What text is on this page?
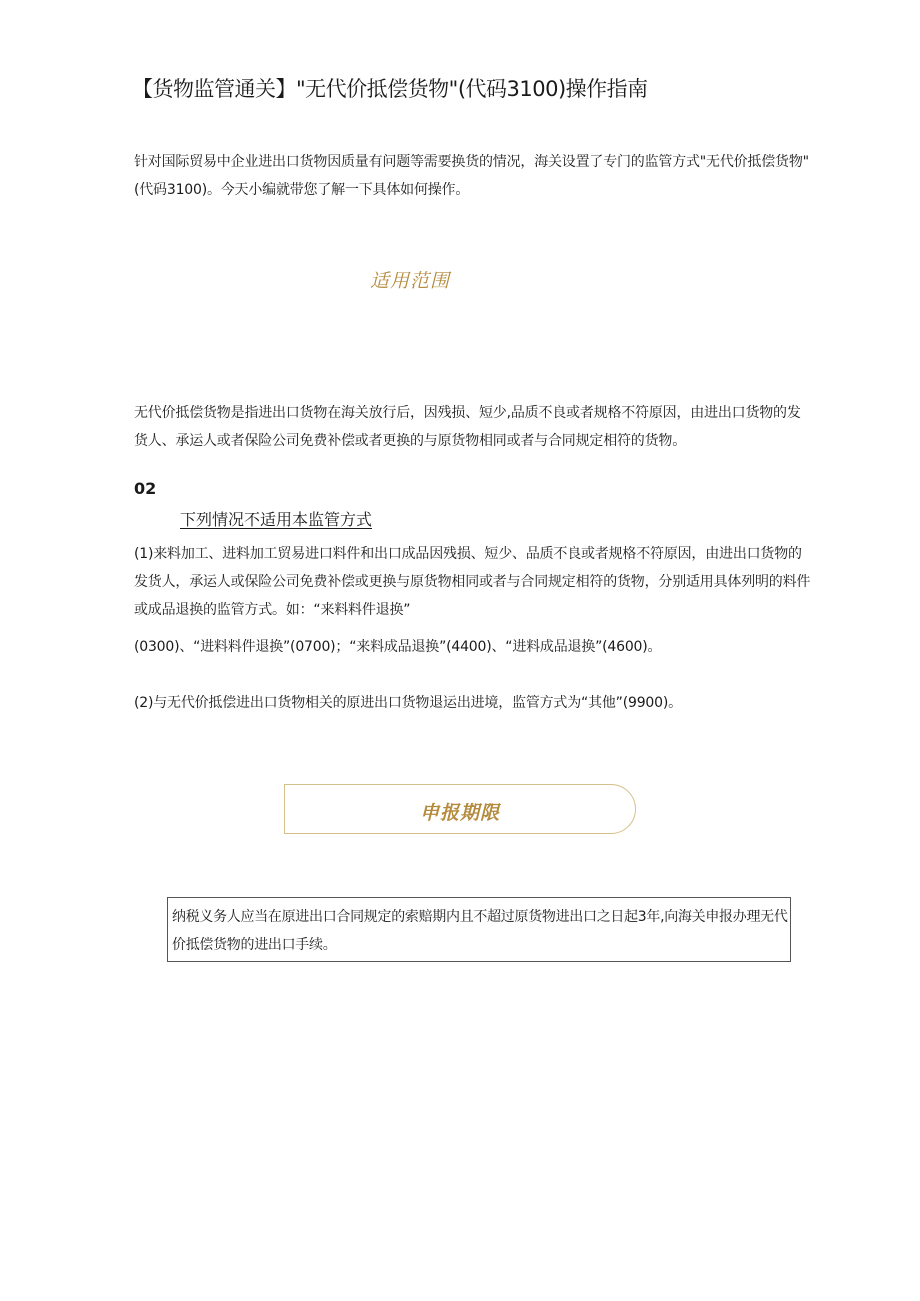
【货物监管通关】"无代价抵偿货物"(代码3100)操作指南
针对国际贸易中企业进出口货物因质量有问题等需要换货的情况，海关设置了专门的监管方式"无代价抵偿货物"(代码3100)。今天小编就带您了解一下具体如何操作。
适用范围
无代价抵偿货物是指进出口货物在海关放行后，因残损、短少,品质不良或者规格不符原因，由进出口货物的发货人、承运人或者保险公司免费补偿或者更换的与原货物相同或者与合同规定相符的货物。
02
下列情况不适用本监管方式
(1)来料加工、进料加工贸易进口料件和出口成品因残损、短少、品质不良或者规格不符原因，由进出口货物的发货人，承运人或保险公司免费补偿或更换与原货物相同或者与合同规定相符的货物，分别适用具体列明的料件或成品退换的监管方式。如：“来料料件退换”
(0300)、“进料料件退换”(0700)；“来料成品退换”(4400)、“进料成品退换”(4600)。
(2)与无代价抵偿进出口货物相关的原进出口货物退运出进境，监管方式为“其他”(9900)。
申报期限
纳税义务人应当在原进出口合同规定的索赔期内且不超过原货物进出口之日起3年,向海关申报办理无代价抵偿货物的进出口手续。
